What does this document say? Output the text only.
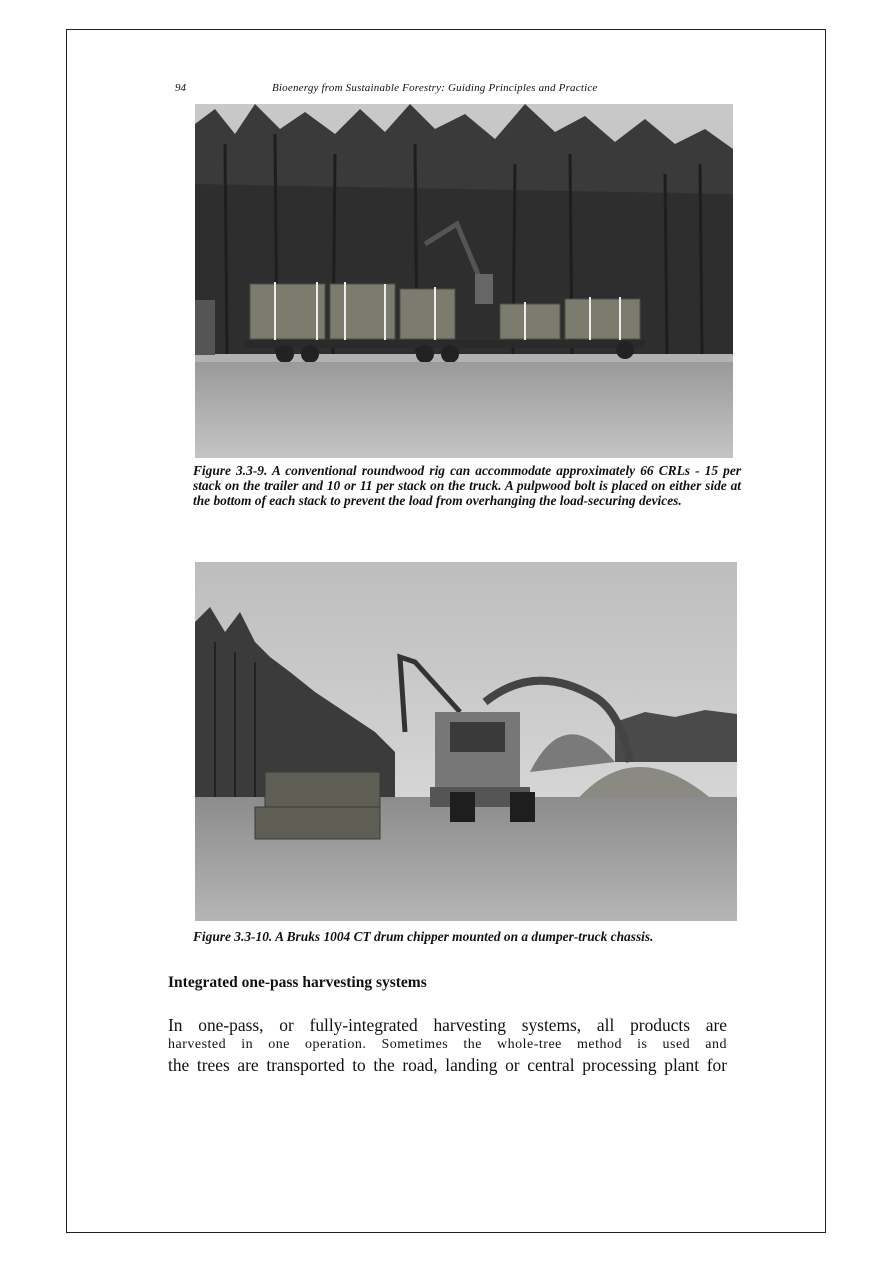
94	Bioenergy from Sustainable Forestry: Guiding Principles and Practice
Figure 3.3-9. A conventional roundwood rig can accommodate approximately 66 CRLs - 15 per stack on the trailer and 10 or 11 per stack on the truck. A pulpwood bolt is placed on either side at the bottom of each stack to prevent the load from overhanging the load-securing devices.
Figure 3.3-10. A Bruks 1004 CT drum chipper mounted on a dumper-truck chassis.
Integrated one-pass harvesting systems
In one-pass, or fully-integrated harvesting systems, all products are
harvested in one operation. Sometimes the whole-tree method is used and
the trees are transported to the road, landing or central processing plant for
